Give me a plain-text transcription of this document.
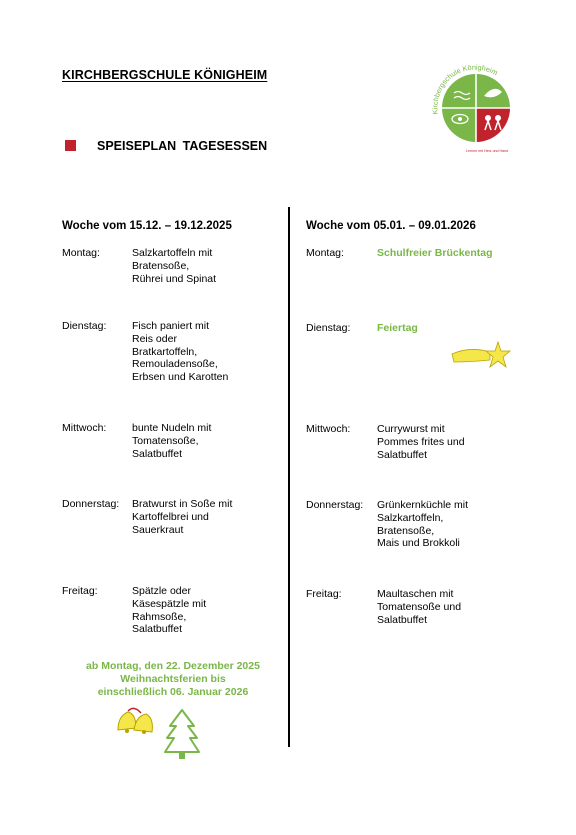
KIRCHBERGSCHULE KÖNIGHEIM
Kirchbergschule Königheim
Lernen mit Herz und Hand
SPEISEPLAN TAGESESSEN
Woche vom 15.12. – 19.12.2025
Montag:	Salzkartoffeln mit
Bratensoße,
Rührei und Spinat
Dienstag: Fisch paniert mit
Reis oder
Bratkartoffeln,
Remouladensoße,
Erbsen und Karotten
Mittwoch: bunte Nudeln mit
Tomatensoße,
Salatbuffet
Donnerstag: Bratwurst in Soße mit
Kartoffelbrei und
Sauerkraut
Freitag:	Spätzle oder
Käsespätzle mit
Rahmsoße,
Salatbuffet
ab Montag, den 22. Dezember 2025
Weihnachtsferien bis
einschließlich 06. Januar 2026
Woche vom 05.01. – 09.01.2026
Montag:	Schulfreier Brückentag
Dienstag:	Feiertag
Mittwoch:	Currywurst mit
Pommes frites und
Salatbuffet
Donnerstag: Grünkernküchle mit
Salzkartoffeln,
Bratensoße,
Mais und Brokkoli
Freitag:	Maultaschen mit
Tomatensoße und
Salatbuffet
